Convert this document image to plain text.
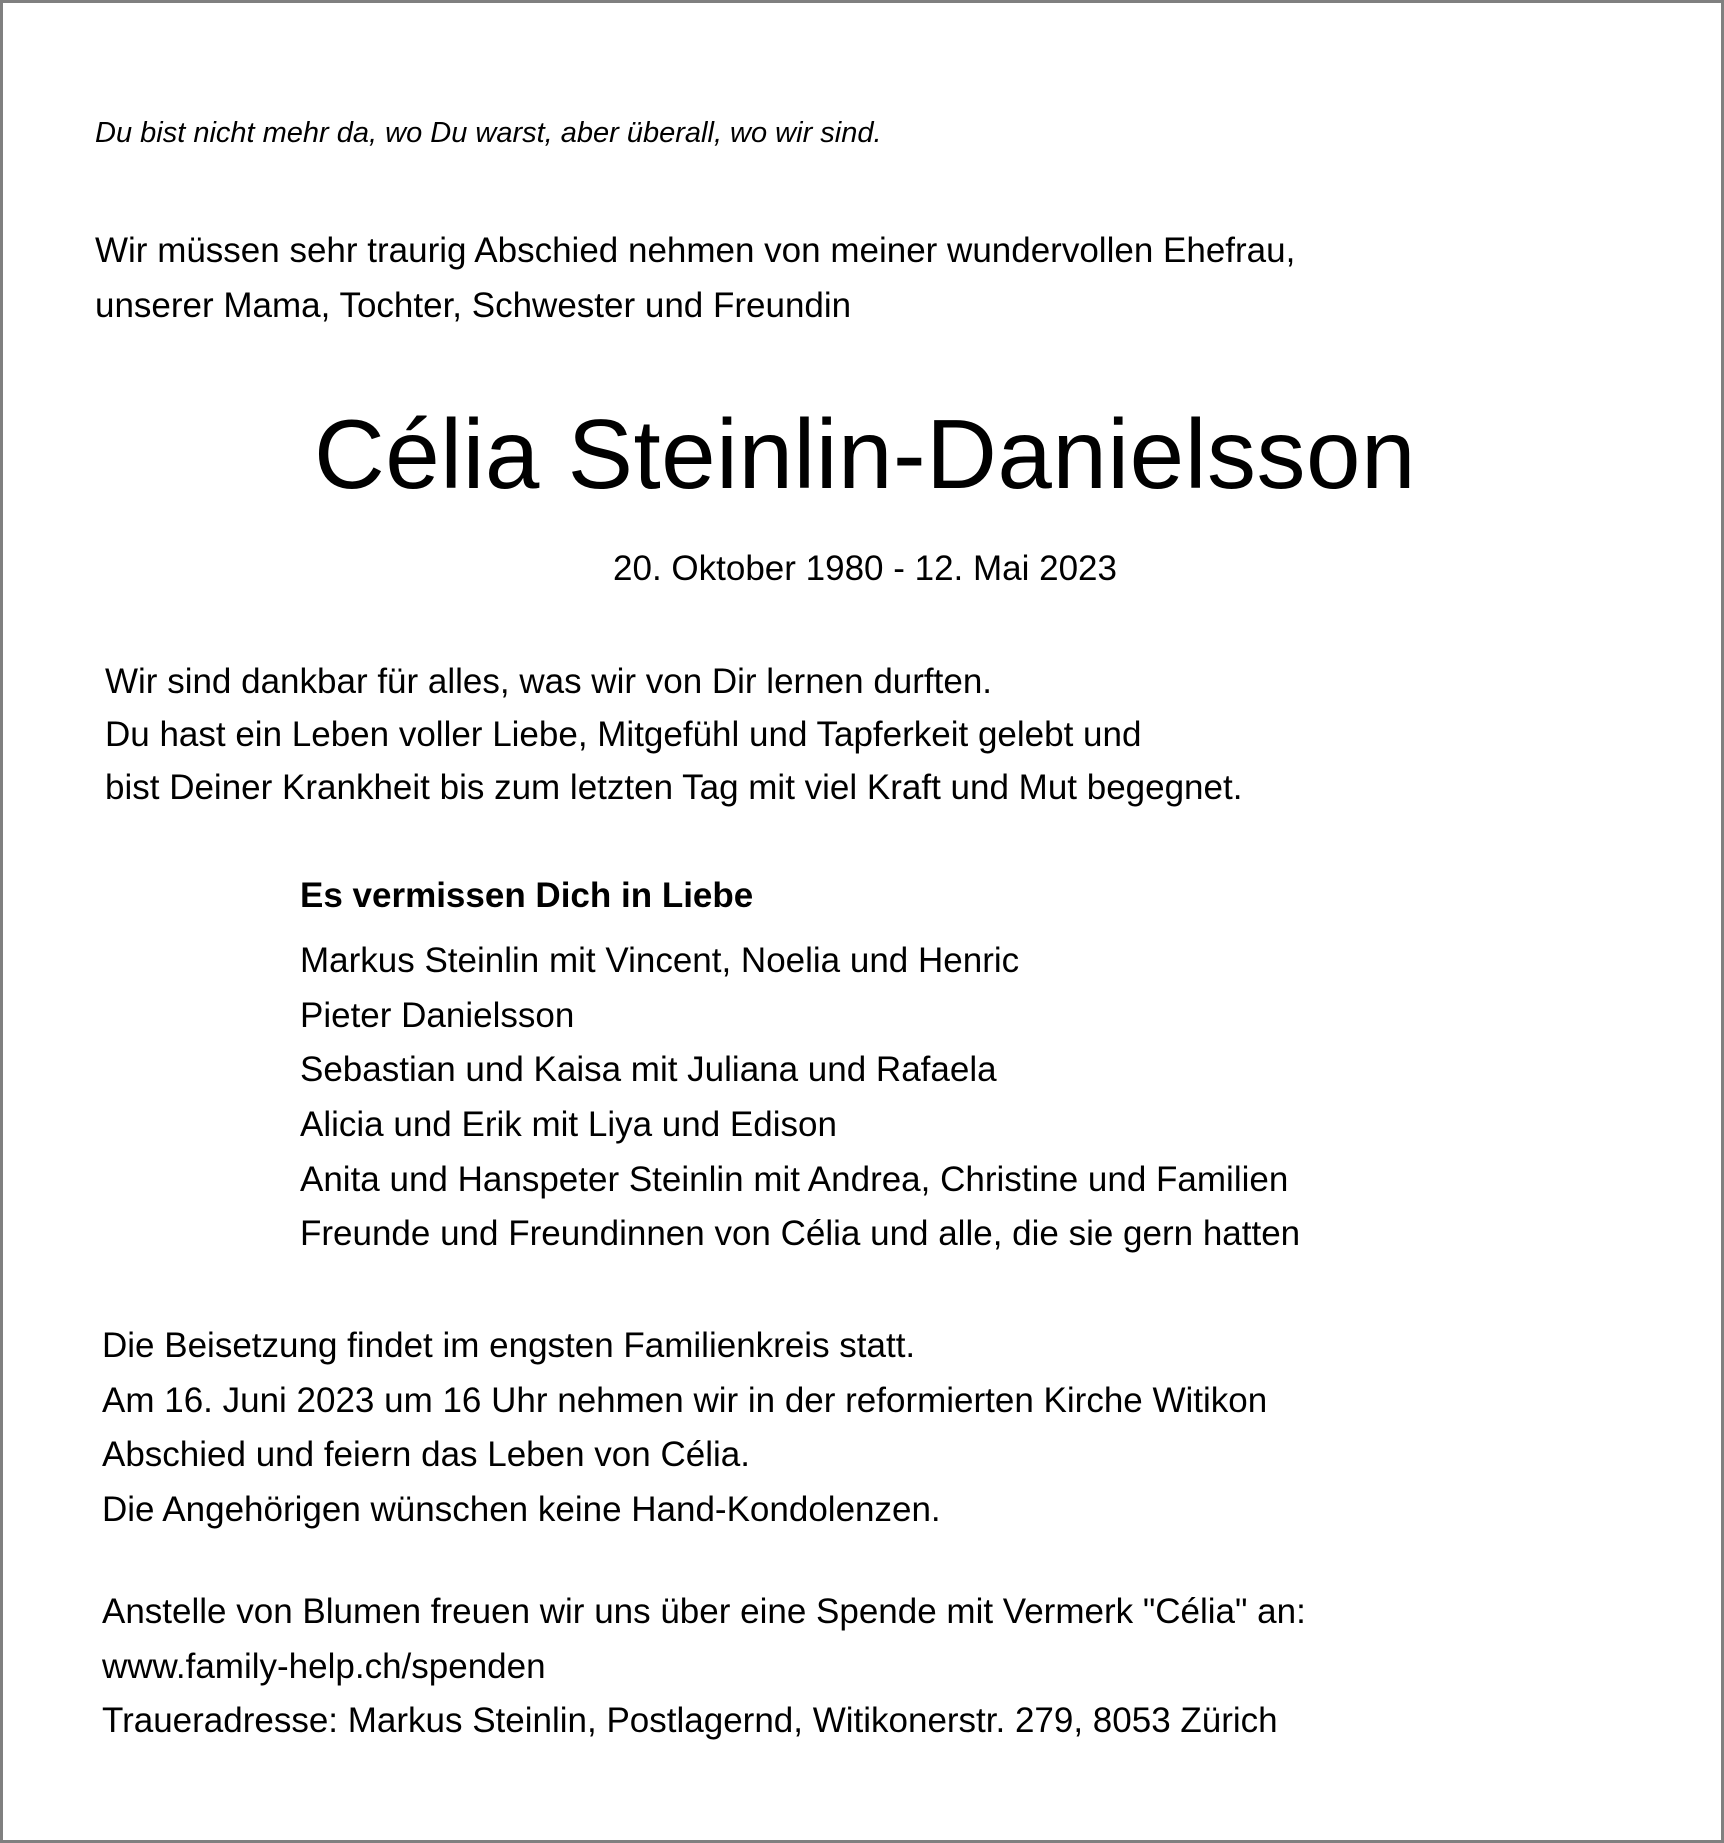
Du bist nicht mehr da, wo Du warst, aber überall, wo wir sind.
Wir müssen sehr traurig Abschied nehmen von meiner wundervollen Ehefrau,
unserer Mama, Tochter, Schwester und Freundin
Célia Steinlin-Danielsson
20. Oktober 1980 - 12. Mai 2023
Wir sind dankbar für alles, was wir von Dir lernen durften.
Du hast ein Leben voller Liebe, Mitgefühl und Tapferkeit gelebt und
bist Deiner Krankheit bis zum letzten Tag mit viel Kraft und Mut begegnet.
Es vermissen Dich in Liebe
Markus Steinlin mit Vincent, Noelia und Henric
Pieter Danielsson
Sebastian und Kaisa mit Juliana und Rafaela
Alicia und Erik mit Liya und Edison
Anita und Hanspeter Steinlin mit Andrea, Christine und Familien
Freunde und Freundinnen von Célia und alle, die sie gern hatten
Die Beisetzung findet im engsten Familienkreis statt.
Am 16. Juni 2023 um 16 Uhr nehmen wir in der reformierten Kirche Witikon
Abschied und feiern das Leben von Célia.
Die Angehörigen wünschen keine Hand-Kondolenzen.
Anstelle von Blumen freuen wir uns über eine Spende mit Vermerk "Célia" an:
www.family-help.ch/spenden
Traueradresse: Markus Steinlin, Postlagernd, Witikonerstr. 279, 8053 Zürich
